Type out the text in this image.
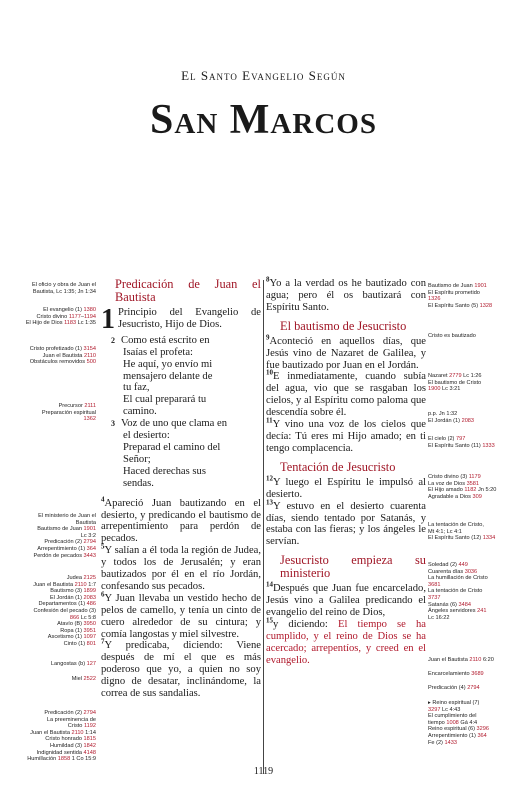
El Santo Evangelio Según
San Marcos
El oficio y obra de Juan el
Bautista, Lc 1:35; Jn 1:34
El evangelio (1) 1380
Cristo divino 1177–1194
El Hijo de Dios 1183 Lc 1:35
Cristo profetizado (1) 3154
Juan el Bautista 2110
Obstáculos removidos 500
Precursor 2111
Preparación espiritual
1362
El ministerio de Juan el
Bautista
Bautismo de Juan 1901
Lc 3:2
Predicación (2) 2794
Arrepentimiento (1) 364
Perdón de pecados 3443
Judea 2125
Juan el Bautista 2110 1:7
Bautismo (3) 1899
El Jordán (1) 2083
Departamentos (1) 486
Confesión del pecado (3)
866 Lc 5:8
Atavío (B) 3950
Ropa (1) 3951
Ascetismo (1) 1097
Cinto (1) 801
Langostas (b) 127
Miel 2522
Predicación (2) 2794
La preeminencia de
Cristo 1192
Juan el Bautista 2110 1:14
Cristo honrado 1815
Humildad (3) 1842
Indignidad sentida 4148
Humillación 1858 1 Co 15:9
Bautismo de Juan 1901
El Espíritu prometido
1326
El Espíritu Santo (5) 1328
Cristo es bautizado
Nazaret 2779 Lc 1:26
El bautismo de Cristo
1900 Lc 3:21
p.p. Jn 1:32
El Jordán (1) 2083
El cielo (2) 797
El Espíritu Santo (11) 1333
Cristo divino (3) 1179
La voz de Dios 3581
El Hijo amado 1182 Jn 5:20
Agradable a Dios 309
La tentación de Cristo,
Mt 4:1; Lc 4:1
El Espíritu Santo (12) 1334
Soledad (2) 449
Cuarenta días 3036
La humillación de Cristo
3681
La tentación de Cristo
3737
Satanás (6) 3484
Ángeles servidores 241
Lc 16:22
Juan el Bautista 2110 6:20
Encarcelamiento 3689
Predicación (4) 2794
▸ Reino espiritual (7)
3297 Lc 4:43
El cumplimiento del
tiempo 1008 Gá 4:4
Reino espiritual (6) 3296
Arrepentimiento (1) 364
Fe (2) 1433
Predicación de Juan el Bautista
1 Principio del Evangelio de Jesucristo, Hijo de Dios.
2 Como está escrito en
Isaías el profeta:
He aquí, yo envío mi
mensajero delante de
tu faz,
El cual preparará tu
camino.
3 Voz de uno que clama en
el desierto:
Preparad el camino del
Señor;
Haced derechas sus
sendas.
$^4$Apareció Juan bautizando en el desierto, y predicando el bautismo de arrepentimiento para perdón de pecados.
$^5$Y salían a él toda la región de Judea, y todos los de Jerusalén; y eran bautizados por él en el río Jordán, confesando sus pecados.
$^6$Y Juan llevaba un vestido hecho de pelos de camello, y tenía un cinto de cuero alrededor de su cintura; y comía langostas y miel silvestre.
$^7$Y predicaba, diciendo: Viene después de mí el que es más poderoso que yo, a quien no soy digno de desatar, inclinándome, la correa de sus sandalias.
$^8$Yo a la verdad os he bautizado con agua; pero él os bautizará con Espíritu Santo.
El bautismo de Jesucristo
$^9$Aconteció en aquellos días, que Jesús vino de Nazaret de Galilea, y fue bautizado por Juan en el Jordán.
$^{10}$E inmediatamente, cuando subía del agua, vio que se rasgaban los cielos, y al Espíritu como paloma que descendía sobre él.
$^{11}$Y vino una voz de los cielos que decía: Tú eres mi Hijo amado; en ti tengo complacencia.
Tentación de Jesucristo
$^{12}$Y luego el Espíritu le impulsó al desierto.
$^{13}$Y estuvo en el desierto cuarenta días, siendo tentado por Satanás, y estaba con las fieras; y los ángeles le servían.
Jesucristo empieza su ministerio
$^{14}$Después que Juan fue encarcelado, Jesús vino a Galilea predicando el evangelio del reino de Dios,
$^{15}$y diciendo: El tiempo se ha cumplido, y el reino de Dios se ha acercado; arrepentíos, y creed en el evangelio.
1119
